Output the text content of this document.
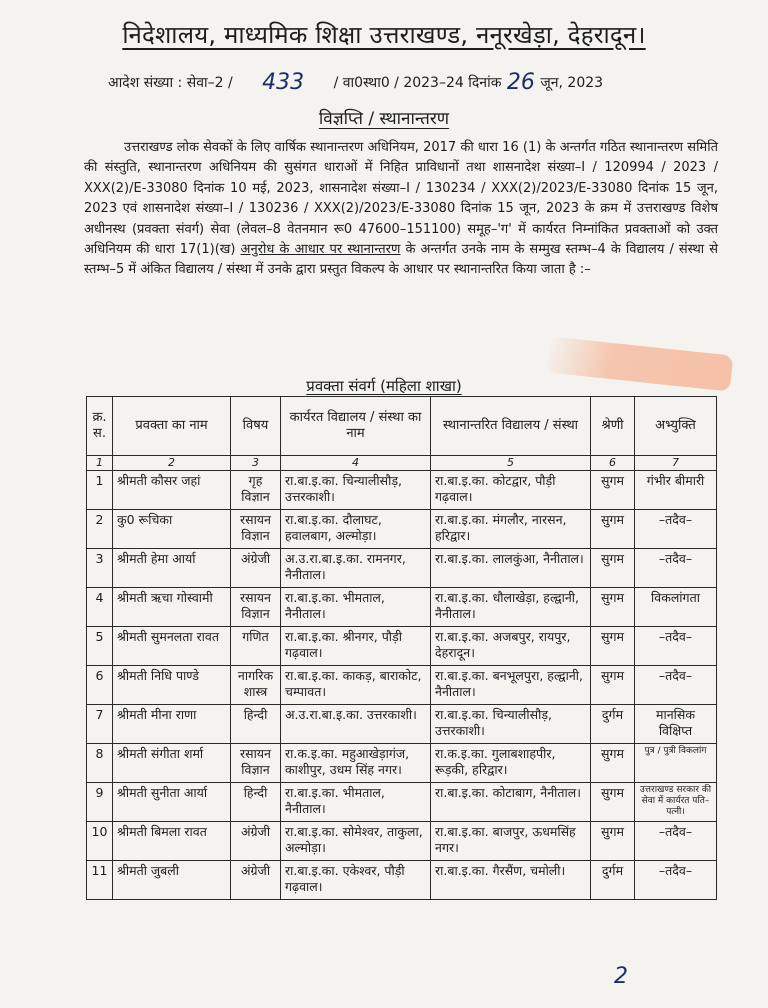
निदेशालय, माध्यमिक शिक्षा उत्तराखण्ड, ननूरखेड़ा, देहरादून।
आदेश संख्या : सेवा–2 / 433 / वा0स्था0 / 2023–24 दिनांक 26 जून, 2023
विज्ञप्ति / स्थानान्तरण
उत्तराखण्ड लोक सेवकों के लिए वार्षिक स्थानान्तरण अधिनियम, 2017 की धारा 16 (1) के अन्तर्गत गठित स्थानान्तरण समिति की संस्तुति, स्थानान्तरण अधिनियम की सुसंगत धाराओं में निहित प्राविधानों तथा शासनादेश संख्या–I / 120994 / 2023 / XXX(2)/E-33080 दिनांक 10 मई, 2023, शासनादेश संख्या–I / 130234 / XXX(2)/2023/E-33080 दिनांक 15 जून, 2023 एवं शासनादेश संख्या–I / 130236 / XXX(2)/2023/E-33080 दिनांक 15 जून, 2023 के क्रम में उत्तराखण्ड विशेष अधीनस्थ (प्रवक्ता संवर्ग) सेवा (लेवल–8 वेतनमान रू0 47600–151100) समूह–'ग' में कार्यरत निम्नांकित प्रवक्ताओं को उक्त अधिनियम की धारा 17(1)(ख) अनुरोध के आधार पर स्थानान्तरण के अन्तर्गत उनके नाम के सम्मुख स्तम्भ–4 के विद्यालय / संस्था से स्तम्भ–5 में अंकित विद्यालय / संस्था में उनके द्वारा प्रस्तुत विकल्प के आधार पर स्थानान्तरित किया जाता है :–
प्रवक्ता संवर्ग (महिला शाखा)
क्र. स.	प्रवक्ता का नाम	विषय	कार्यरत विद्यालय / संस्था का नाम	स्थानान्तरित विद्यालय / संस्था	श्रेणी	अभ्युक्ति
1	2	3	4	5	6	7
1	श्रीमती कौसर जहां	गृह विज्ञान	रा.बा.इ.का. चिन्यालीसौड़, उत्तरकाशी।	रा.बा.इ.का. कोटद्वार, पौड़ी गढ़वाल।	सुगम	गंभीर बीमारी
2	कु0 रूचिका	रसायन विज्ञान	रा.बा.इ.का. दौलाघट, हवालबाग, अल्मोड़ा।	रा.बा.इ.का. मंगलौर, नारसन, हरिद्वार।	सुगम	–तदैव–
3	श्रीमती हेमा आर्या	अंग्रेजी	अ.उ.रा.बा.इ.का. रामनगर, नैनीताल।	रा.बा.इ.का. लालकुंआ, नैनीताल।	सुगम	–तदैव–
4	श्रीमती ऋचा गोस्वामी	रसायन विज्ञान	रा.बा.इ.का. भीमताल, नैनीताल।	रा.बा.इ.का. धौलाखेड़ा, हल्द्वानी, नैनीताल।	सुगम	विकलांगता
5	श्रीमती सुमनलता रावत	गणित	रा.बा.इ.का. श्रीनगर, पौड़ी गढ़वाल।	रा.बा.इ.का. अजबपुर, रायपुर, देहरादून।	सुगम	–तदैव–
6	श्रीमती निधि पाण्डे	नागरिक शास्त्र	रा.बा.इ.का. काकड़, बाराकोट, चम्पावत।	रा.बा.इ.का. बनभूलपुरा, हल्द्वानी, नैनीताल।	सुगम	–तदैव–
7	श्रीमती मीना राणा	हिन्दी	अ.उ.रा.बा.इ.का. उत्तरकाशी।	रा.बा.इ.का. चिन्यालीसौड़, उत्तरकाशी।	दुर्गम	मानसिक विक्षिप्त
8	श्रीमती संगीता शर्मा	रसायन विज्ञान	रा.क.इ.का. महुआखेड़ागंज, काशीपुर, उधम सिंह नगर।	रा.क.इ.का. गुलाबशाहपीर, रूड़की, हरिद्वार।	सुगम	पुत्र / पुत्री विकलांग
9	श्रीमती सुनीता आर्या	हिन्दी	रा.बा.इ.का. भीमताल, नैनीताल।	रा.बा.इ.का. कोटाबाग, नैनीताल।	सुगम	उत्तराखण्ड सरकार की सेवा में कार्यरत पति–पत्नी।
10	श्रीमती बिमला रावत	अंग्रेजी	रा.बा.इ.का. सोमेश्वर, ताकुला, अल्मोड़ा।	रा.बा.इ.का. बाजपुर, ऊधमसिंह नगर।	सुगम	–तदैव–
11	श्रीमती जुबली	अंग्रेजी	रा.बा.इ.का. एकेश्वर, पौड़ी गढ़वाल।	रा.बा.इ.का. गैरसैंण, चमोली।	दुर्गम	–तदैव–
2
